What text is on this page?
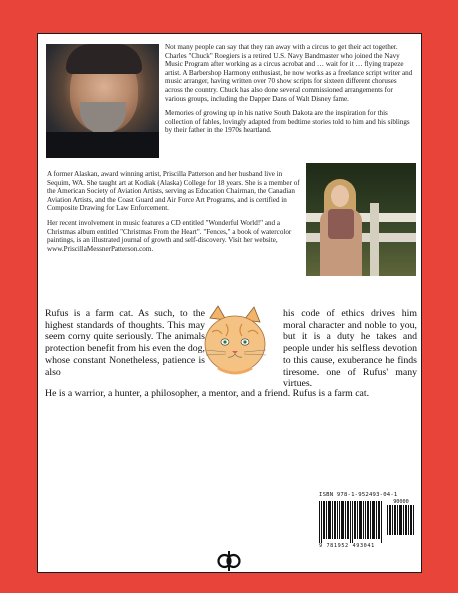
Not many people can say that they ran away with a circus to get their act together. Charles "Chuck" Roegiers is a retired U.S. Navy Bandmaster who joined the Navy Music Program after working as a circus acrobat and … wait for it … flying trapeze artist. A Barbershop Harmony enthusiast, he now works as a freelance script writer and music arranger, having written over 70 show scripts for sixteen different choruses across the country. Chuck has also done several commissioned arrangements for various groups, including the Dapper Dans of Walt Disney fame.

Memories of growing up in his native South Dakota are the inspiration for this collection of fables, lovingly adapted from bedtime stories told to him and his siblings by their father in the 1970s heartland.

A former Alaskan, award winning artist, Priscilla Patterson and her husband live in Sequim, WA. She taught art at Kodiak (Alaska) College for 18 years. She is a member of the American Society of Aviation Artists, serving as Education Chairman, the Canadian Aviation Artists, and the Coast Guard and Air Force Art Programs, and is certified in Composite Drawing for Law Enforcement.

Her recent involvement in music features a CD entitled "Wonderful World!" and a Christmas album entitled "Christmas From the Heart". "Fences," a book of watercolor paintings, is an illustrated journal of growth and self-discovery. Visit her website, www.PriscillaMessnerPatterson.com.

Rufus is a farm cat. As such, to the highest standards of thoughts. This may seem corny quite seriously. The animals protection benefit from his even the dog, whose constant Nonetheless, patience is also

his code of ethics drives him moral character and noble to you, but it is a duty he takes and people under his selfless devotion to this cause, exuberance he finds tiresome. one of Rufus' many virtues.

He is a warrior, a hunter, a philosopher, a mentor, and a friend. Rufus is a farm cat.

ISBN 978-1-952493-04-1
90000
9 781952 493041
